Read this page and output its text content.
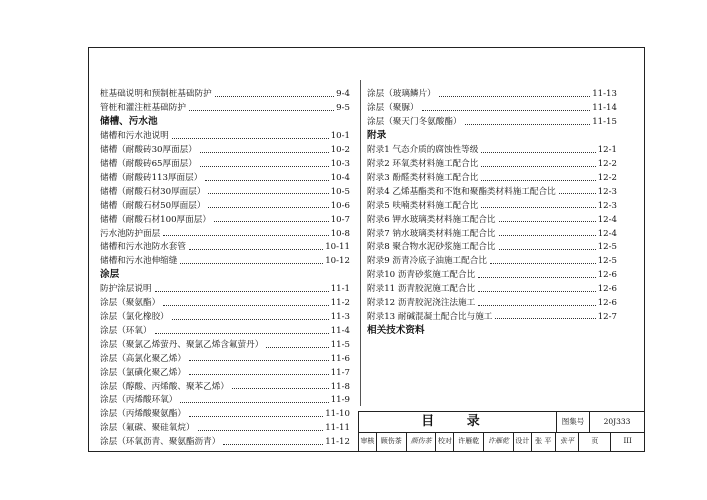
桩基础说明和预制桩基础防护	9-4
管桩和灌注桩基础防护	9-5
储槽、污水池
储槽和污水池说明	10-1
储槽（耐酸砖30厚面层）	10-2
储槽（耐酸砖65厚面层）	10-3
储槽（耐酸砖113厚面层）	10-4
储槽（耐酸石材30厚面层）	10-5
储槽（耐酸石材50厚面层）	10-6
储槽（耐酸石材100厚面层）	10-7
污水池防护面层	10-8
储槽和污水池防水套管	10-11
储槽和污水池伸缩缝	10-12
涂层
防护涂层说明	11-1
涂层（聚氨酯）	11-2
涂层（氯化橡胶）	11-3
涂层（环氧）	11-4
涂层（聚氯乙烯萤丹、聚氯乙烯含氟萤丹）	11-5
涂层（高氯化聚乙烯）	11-6
涂层（氯磺化聚乙烯）	11-7
涂层（醇酸、丙烯酸、聚苯乙烯）	11-8
涂层（丙烯酸环氧）	11-9
涂层（丙烯酸聚氨酯）	11-10
涂层（氟碳、聚硅氧烷）	11-11
涂层（环氧沥青、聚氨酯沥青）	11-12
涂层（玻璃鳞片）	11-13
涂层（聚脲）	11-14
涂层（聚天门冬氨酸酯）	11-15
附录
附录1 气态介质的腐蚀性等级	12-1
附录2 环氧类材料施工配合比	12-2
附录3 酚醛类材料施工配合比	12-2
附录4 乙烯基酯类和不饱和聚酯类材料施工配合比	12-3
附录5 呋喃类材料施工配合比	12-3
附录6 钾水玻璃类材料施工配合比	12-4
附录7 钠水玻璃类材料施工配合比	12-4
附录8 聚合物水泥砂浆施工配合比	12-5
附录9 沥青冷底子油施工配合比	12-5
附录10 沥青砂浆施工配合比	12-6
附录11 沥青胶泥施工配合比	12-6
附录12 沥青胶泥浇注法施工	12-6
附录13 耐碱混凝土配合比与施工	12-7
相关技术资料
目 录	图集号	20J333
审核 顾伤茶	颜伤茶 校对 许雁乾	许雁乾 设计 张 平	张平	页	III
